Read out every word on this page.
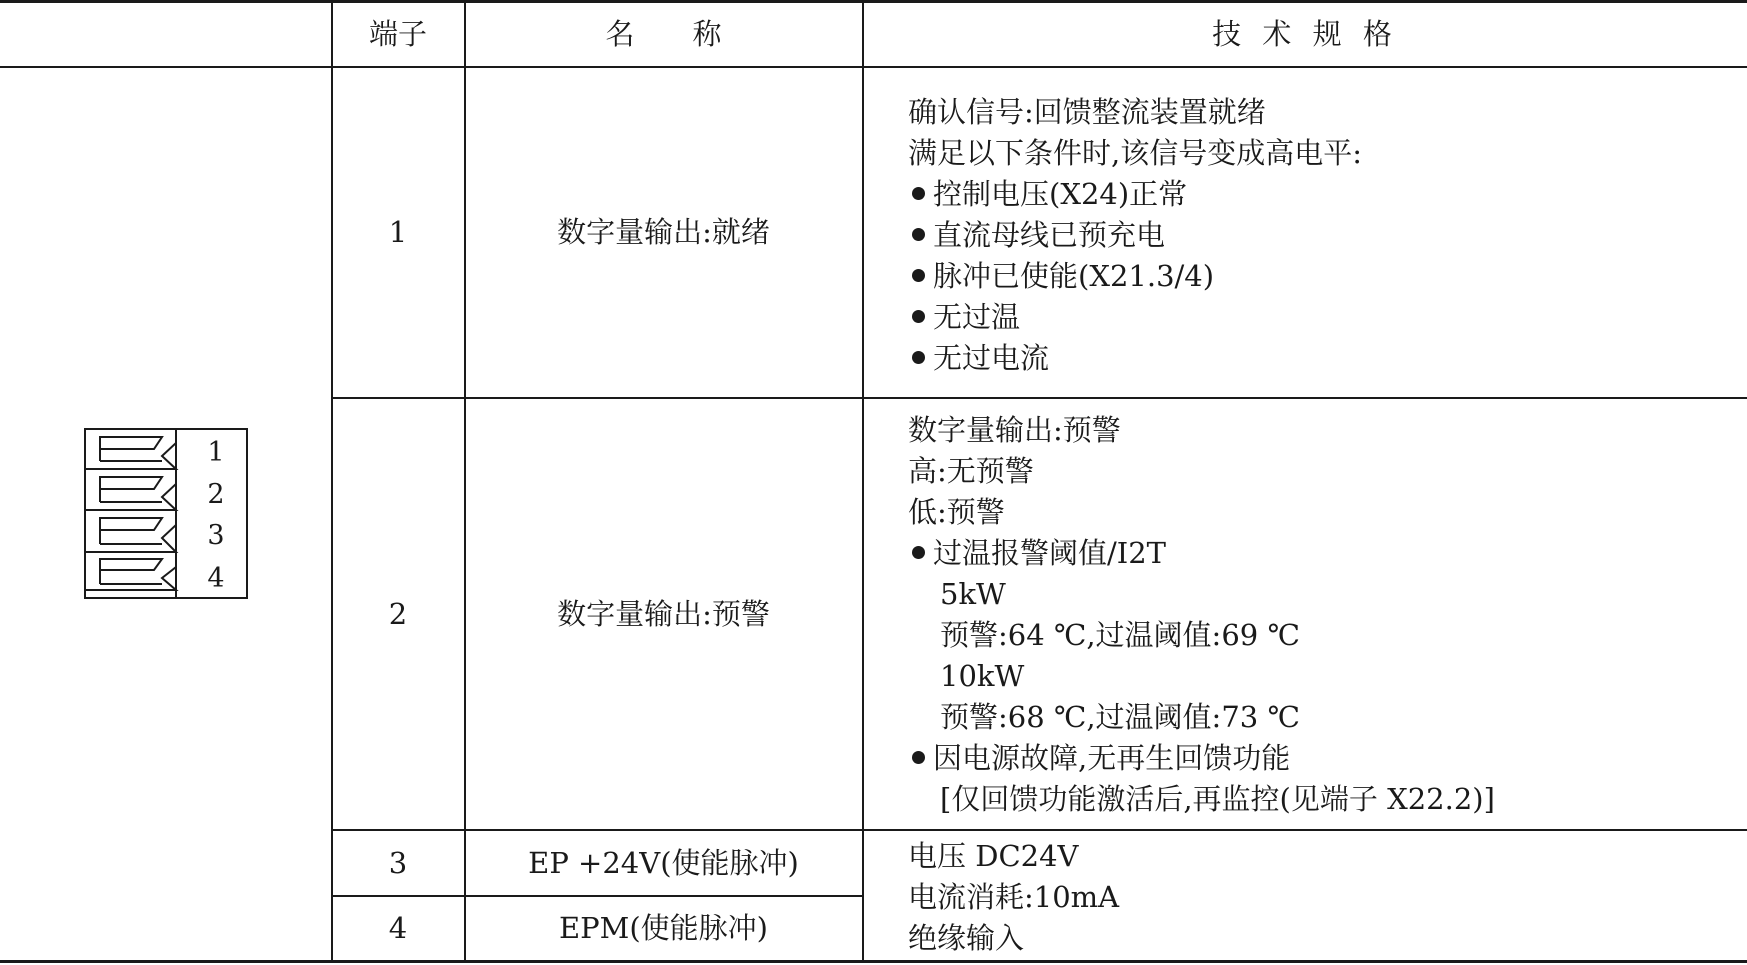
端子	名　　称	技 术 规 格
1
2
3
4
1	数字量输出:就绪
确认信号:回馈整流装置就绪
满足以下条件时,该信号变成高电平:
控制电压(X24)正常
直流母线已预充电
脉冲已使能(X21.3/4)
无过温
无过电流
2	数字量输出:预警
数字量输出:预警
高:无预警
低:预警
过温报警阈值/I2T
5kW
预警:64 ℃,过温阈值:69 ℃
10kW
预警:68 ℃,过温阈值:73 ℃
因电源故障,无再生回馈功能
[仅回馈功能激活后,再监控(见端子 X22.2)]
3	EP +24V(使能脉冲)
4	EPM(使能脉冲)
电压 DC24V
电流消耗:10mA
绝缘输入
